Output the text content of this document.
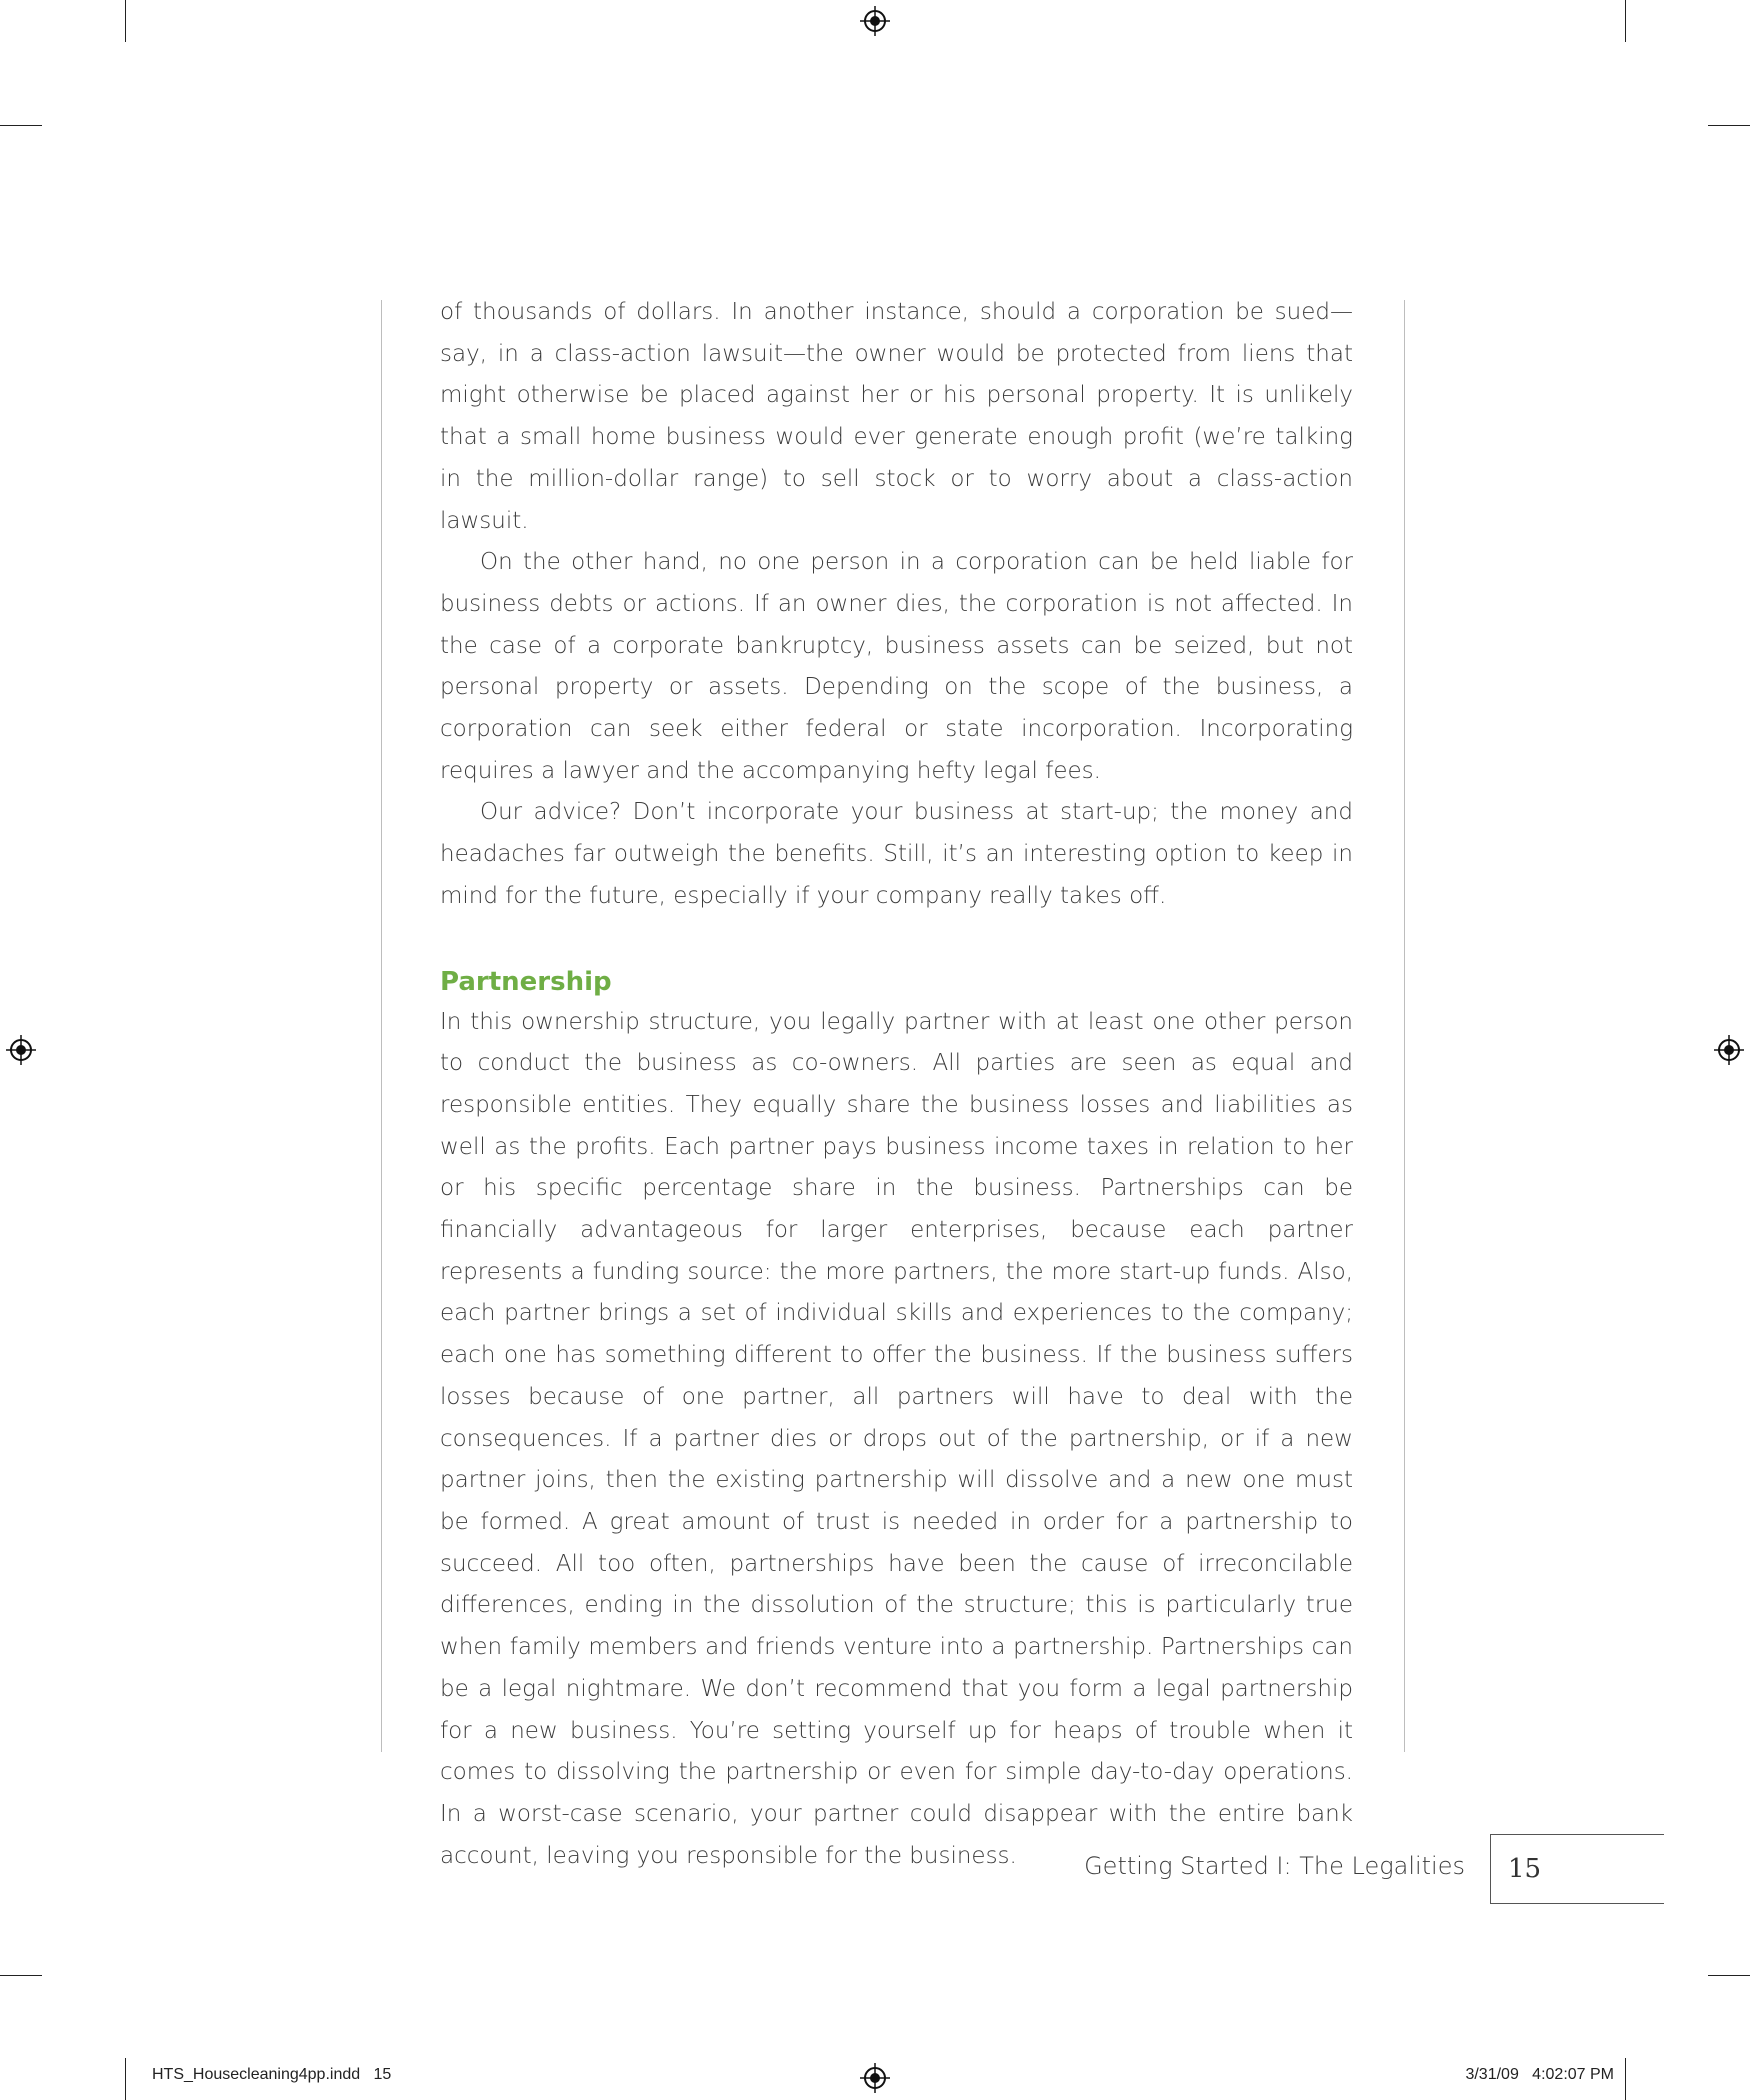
of thousands of dollars. In another instance, should a corporation be sued—say, in a class-action lawsuit—the owner would be protected from liens that might otherwise be placed against her or his personal property. It is unlikely that a small home business would ever generate enough profit (we’re talking in the million-dollar range) to sell stock or to worry about a class-action lawsuit.

On the other hand, no one person in a corporation can be held liable for business debts or actions. If an owner dies, the corporation is not affected. In the case of a corporate bankruptcy, business assets can be seized, but not personal property or assets. Depending on the scope of the business, a corporation can seek either federal or state incorporation. Incorporating requires a lawyer and the accompanying hefty legal fees.

Our advice? Don’t incorporate your business at start-up; the money and headaches far outweigh the benefits. Still, it’s an interesting option to keep in mind for the future, especially if your company really takes off.

Partnership

In this ownership structure, you legally partner with at least one other person to conduct the business as co-owners. All parties are seen as equal and responsible entities. They equally share the business losses and liabilities as well as the profits. Each partner pays business income taxes in relation to her or his specific percentage share in the business. Partnerships can be financially advantageous for larger enterprises, because each partner represents a funding source: the more partners, the more start-up funds. Also, each partner brings a set of individual skills and experiences to the company; each one has something different to offer the business. If the business suffers losses because of one partner, all partners will have to deal with the consequences. If a partner dies or drops out of the partnership, or if a new partner joins, then the existing partnership will dissolve and a new one must be formed. A great amount of trust is needed in order for a partnership to succeed. All too often, partnerships have been the cause of irreconcilable differences, ending in the dissolution of the structure; this is particularly true when family members and friends venture into a partnership. Partnerships can be a legal nightmare. We don’t recommend that you form a legal partnership for a new business. You’re setting yourself up for heaps of trouble when it comes to dissolving the partnership or even for simple day-to-day operations. In a worst-case scenario, your partner could disappear with the entire bank account, leaving you responsible for the business.	Getting Started I: The Legalities 15
HTS_Housecleaning4pp.indd   15	3/31/09   4:02:07 PM
